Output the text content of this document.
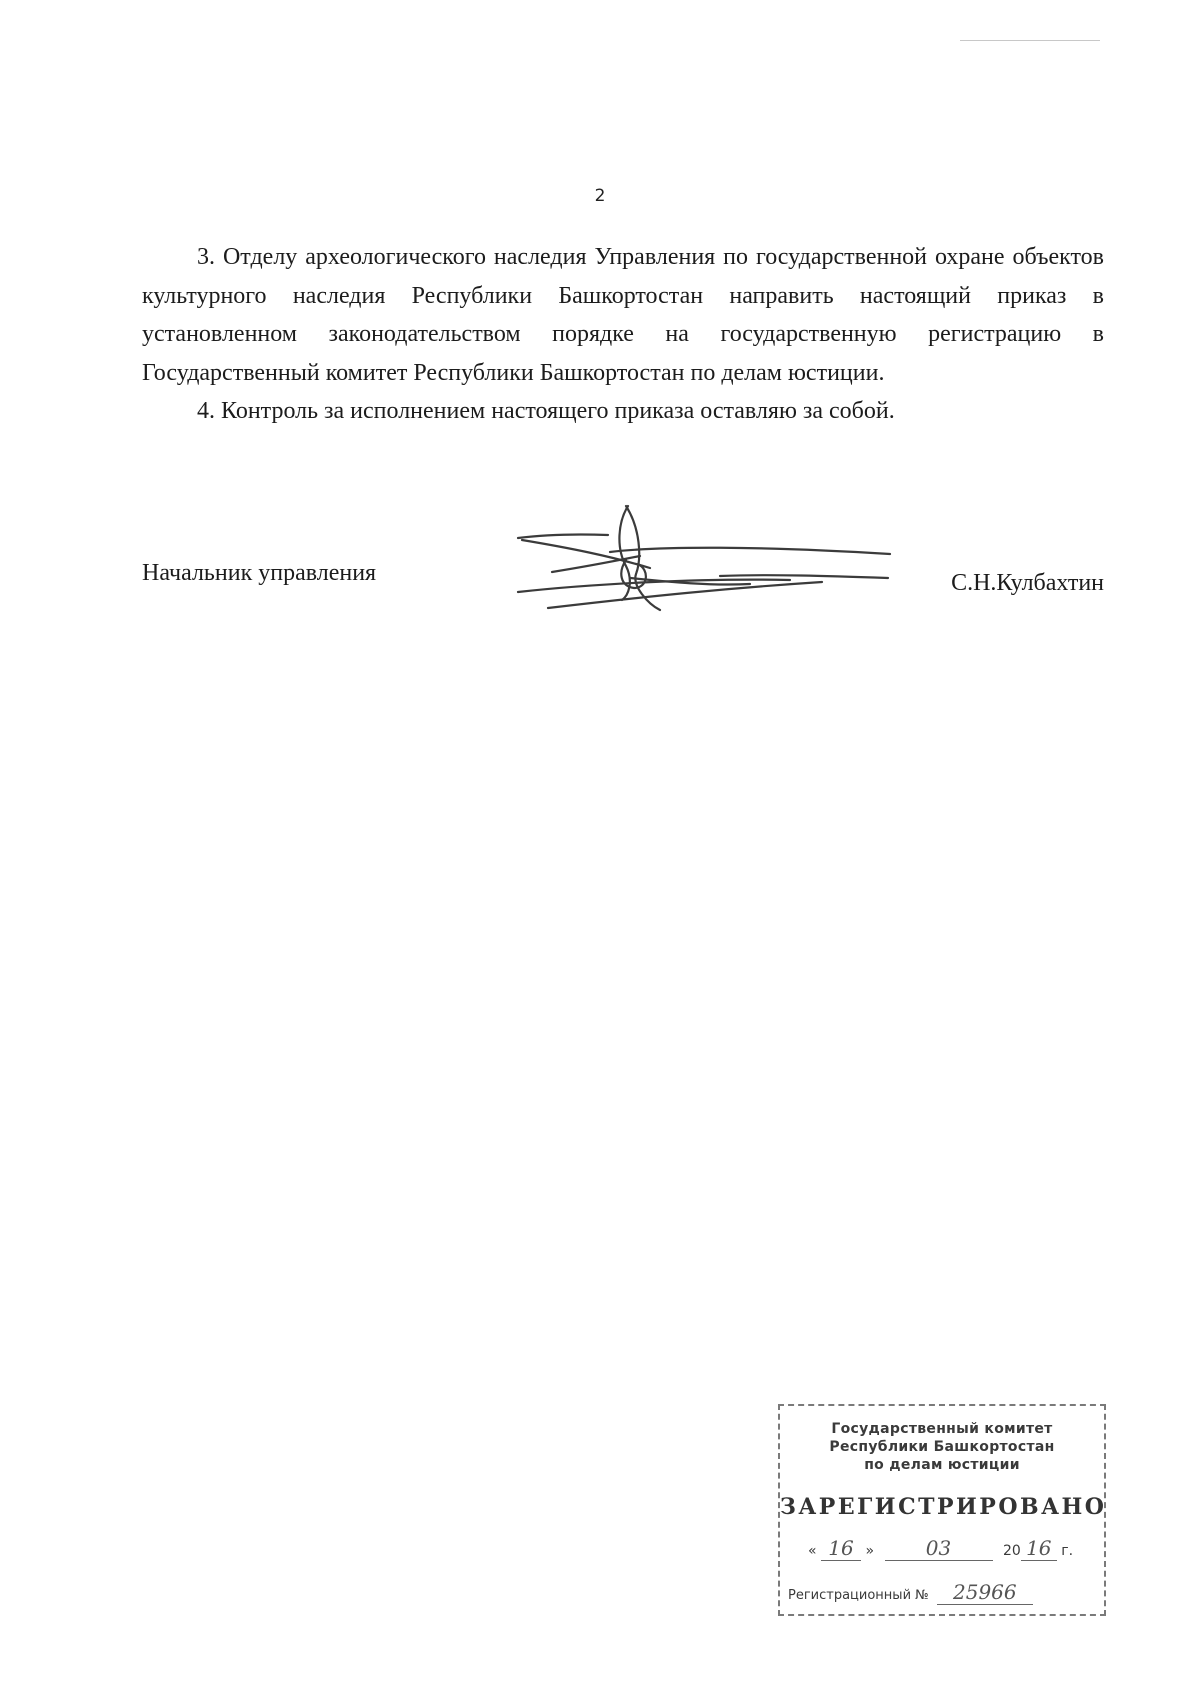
2

3. Отделу археологического наследия Управления по государственной охране объектов культурного наследия Республики Башкортостан направить настоящий приказ в установленном законодательством порядке на государственную регистрацию в Государственный комитет Республики Башкортостан по делам юстиции.

4. Контроль за исполнением настоящего приказа оставляю за собой.

Начальник управления	С.Н.Кулбахтин
Государственный комитет
Республики Башкортостан
по делам юстиции
ЗАРЕГИСТРИРОВАНО
« 16 »	03	20 16 г.
Регистрационный № 25966
